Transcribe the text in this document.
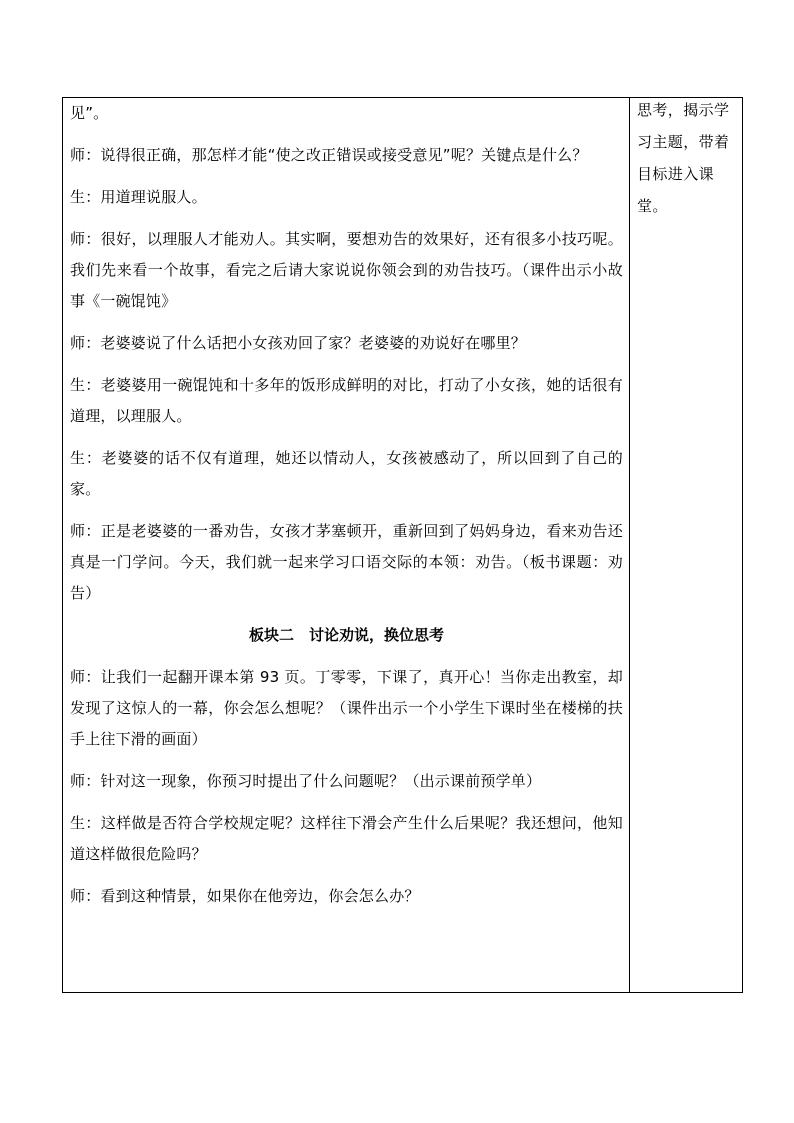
见”。

师：说得很正确，那怎样才能“使之改正错误或接受意见”呢？关键点是什么？

生：用道理说服人。

师：很好，以理服人才能劝人。其实啊，要想劝告的效果好，还有很多小技巧呢。我们先来看一个故事，看完之后请大家说说你领会到的劝告技巧。（课件出示小故事《一碗馄饨》

师：老婆婆说了什么话把小女孩劝回了家？老婆婆的劝说好在哪里？

生：老婆婆用一碗馄饨和十多年的饭形成鲜明的对比，打动了小女孩，她的话很有道理，以理服人。

生：老婆婆的话不仅有道理，她还以情动人，女孩被感动了，所以回到了自己的家。

师：正是老婆婆的一番劝告，女孩才茅塞顿开，重新回到了妈妈身边，看来劝告还真是一门学问。今天，我们就一起来学习口语交际的本领：劝告。（板书课题：劝告）

板块二　讨论劝说，换位思考

师：让我们一起翻开课本第 93 页。丁零零，下课了，真开心！当你走出教室，却发现了这惊人的一幕，你会怎么想呢？（课件出示一个小学生下课时坐在楼梯的扶手上往下滑的画面）

师：针对这一现象，你预习时提出了什么问题呢？（出示课前预学单）

生：这样做是否符合学校规定呢？这样往下滑会产生什么后果呢？我还想问，他知道这样做很危险吗？

师：看到这种情景，如果你在他旁边，你会怎么办？

思考，揭示学习主题，带着目标进入课堂。
